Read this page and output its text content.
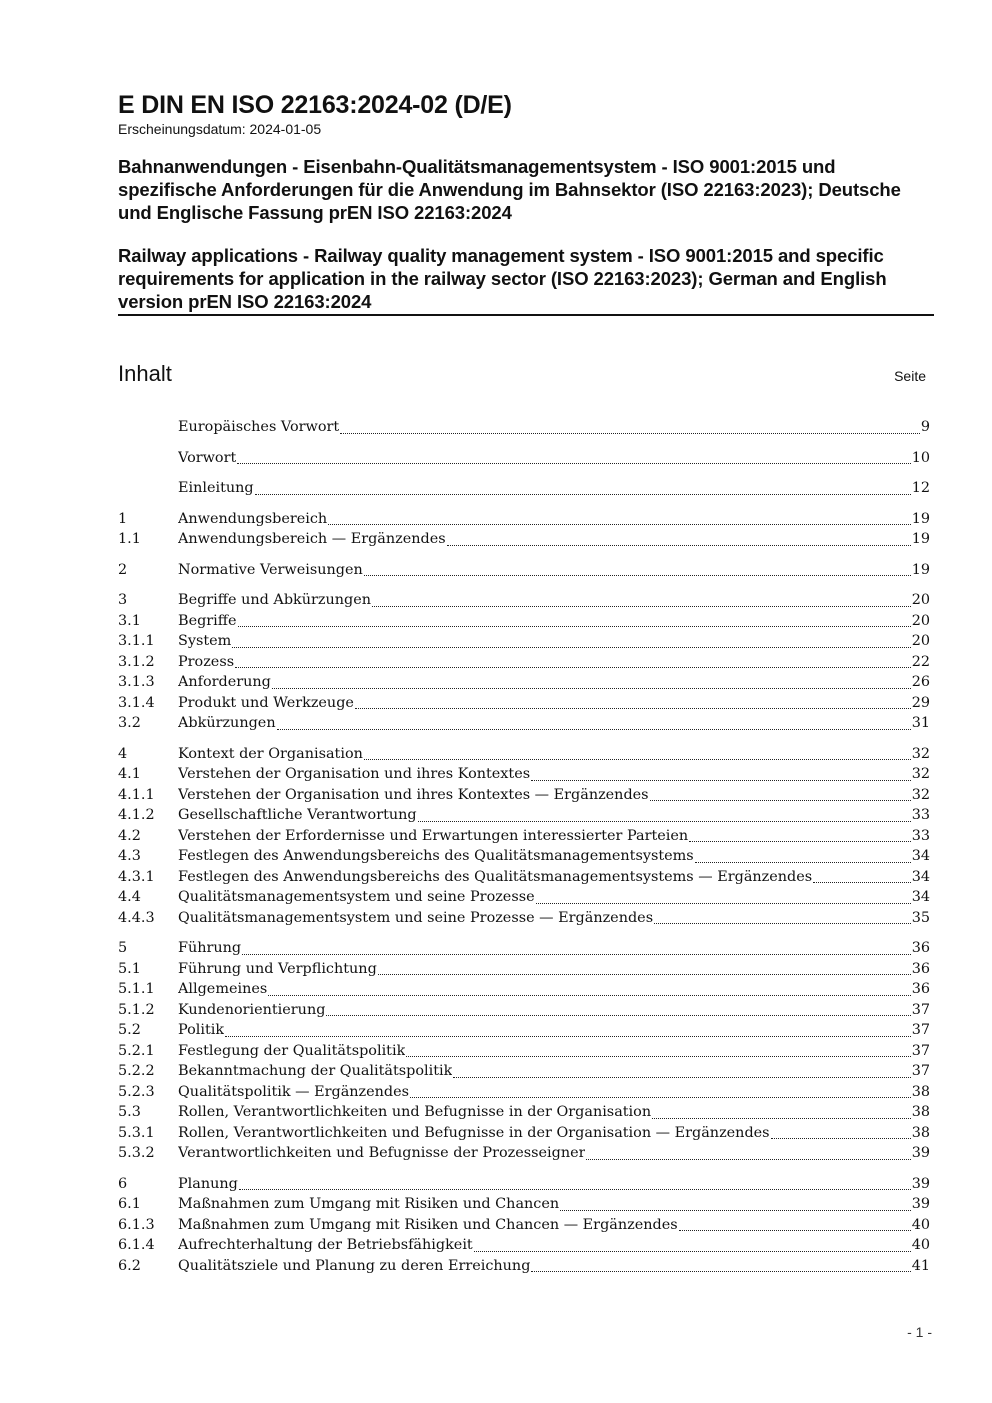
E DIN EN ISO 22163:2024-02 (D/E)

Erscheinungsdatum: 2024-01-05

Bahnanwendungen - Eisenbahn-Qualitätsmanagementsystem - ISO 9001:2015 und spezifische Anforderungen für die Anwendung im Bahnsektor (ISO 22163:2023); Deutsche und Englische Fassung prEN ISO 22163:2024

Railway applications - Railway quality management system - ISO 9001:2015 and specific requirements for application in the railway sector (ISO 22163:2023); German and English version prEN ISO 22163:2024

Inhalt	Seite
Europäisches Vorwort	9
Vorwort	10
Einleitung	12
1	Anwendungsbereich	19
1.1	Anwendungsbereich — Ergänzendes	19
2	Normative Verweisungen	19
3	Begriffe und Abkürzungen	20
3.1	Begriffe	20
3.1.1	System	20
3.1.2	Prozess	22
3.1.3	Anforderung	26
3.1.4	Produkt und Werkzeuge	29
3.2	Abkürzungen	31
4	Kontext der Organisation	32
4.1	Verstehen der Organisation und ihres Kontextes	32
4.1.1	Verstehen der Organisation und ihres Kontextes — Ergänzendes	32
4.1.2	Gesellschaftliche Verantwortung	33
4.2	Verstehen der Erfordernisse und Erwartungen interessierter Parteien	33
4.3	Festlegen des Anwendungsbereichs des Qualitätsmanagementsystems	34
4.3.1	Festlegen des Anwendungsbereichs des Qualitätsmanagementsystems — Ergänzendes	34
4.4	Qualitätsmanagementsystem und seine Prozesse	34
4.4.3	Qualitätsmanagementsystem und seine Prozesse — Ergänzendes	35
5	Führung	36
5.1	Führung und Verpflichtung	36
5.1.1	Allgemeines	36
5.1.2	Kundenorientierung	37
5.2	Politik	37
5.2.1	Festlegung der Qualitätspolitik	37
5.2.2	Bekanntmachung der Qualitätspolitik	37
5.2.3	Qualitätspolitik — Ergänzendes	38
5.3	Rollen, Verantwortlichkeiten und Befugnisse in der Organisation	38
5.3.1	Rollen, Verantwortlichkeiten und Befugnisse in der Organisation — Ergänzendes	38
5.3.2	Verantwortlichkeiten und Befugnisse der Prozesseigner	39
6	Planung	39
6.1	Maßnahmen zum Umgang mit Risiken und Chancen	39
6.1.3	Maßnahmen zum Umgang mit Risiken und Chancen — Ergänzendes	40
6.1.4	Aufrechterhaltung der Betriebsfähigkeit	40
6.2	Qualitätsziele und Planung zu deren Erreichung	41
- 1 -
